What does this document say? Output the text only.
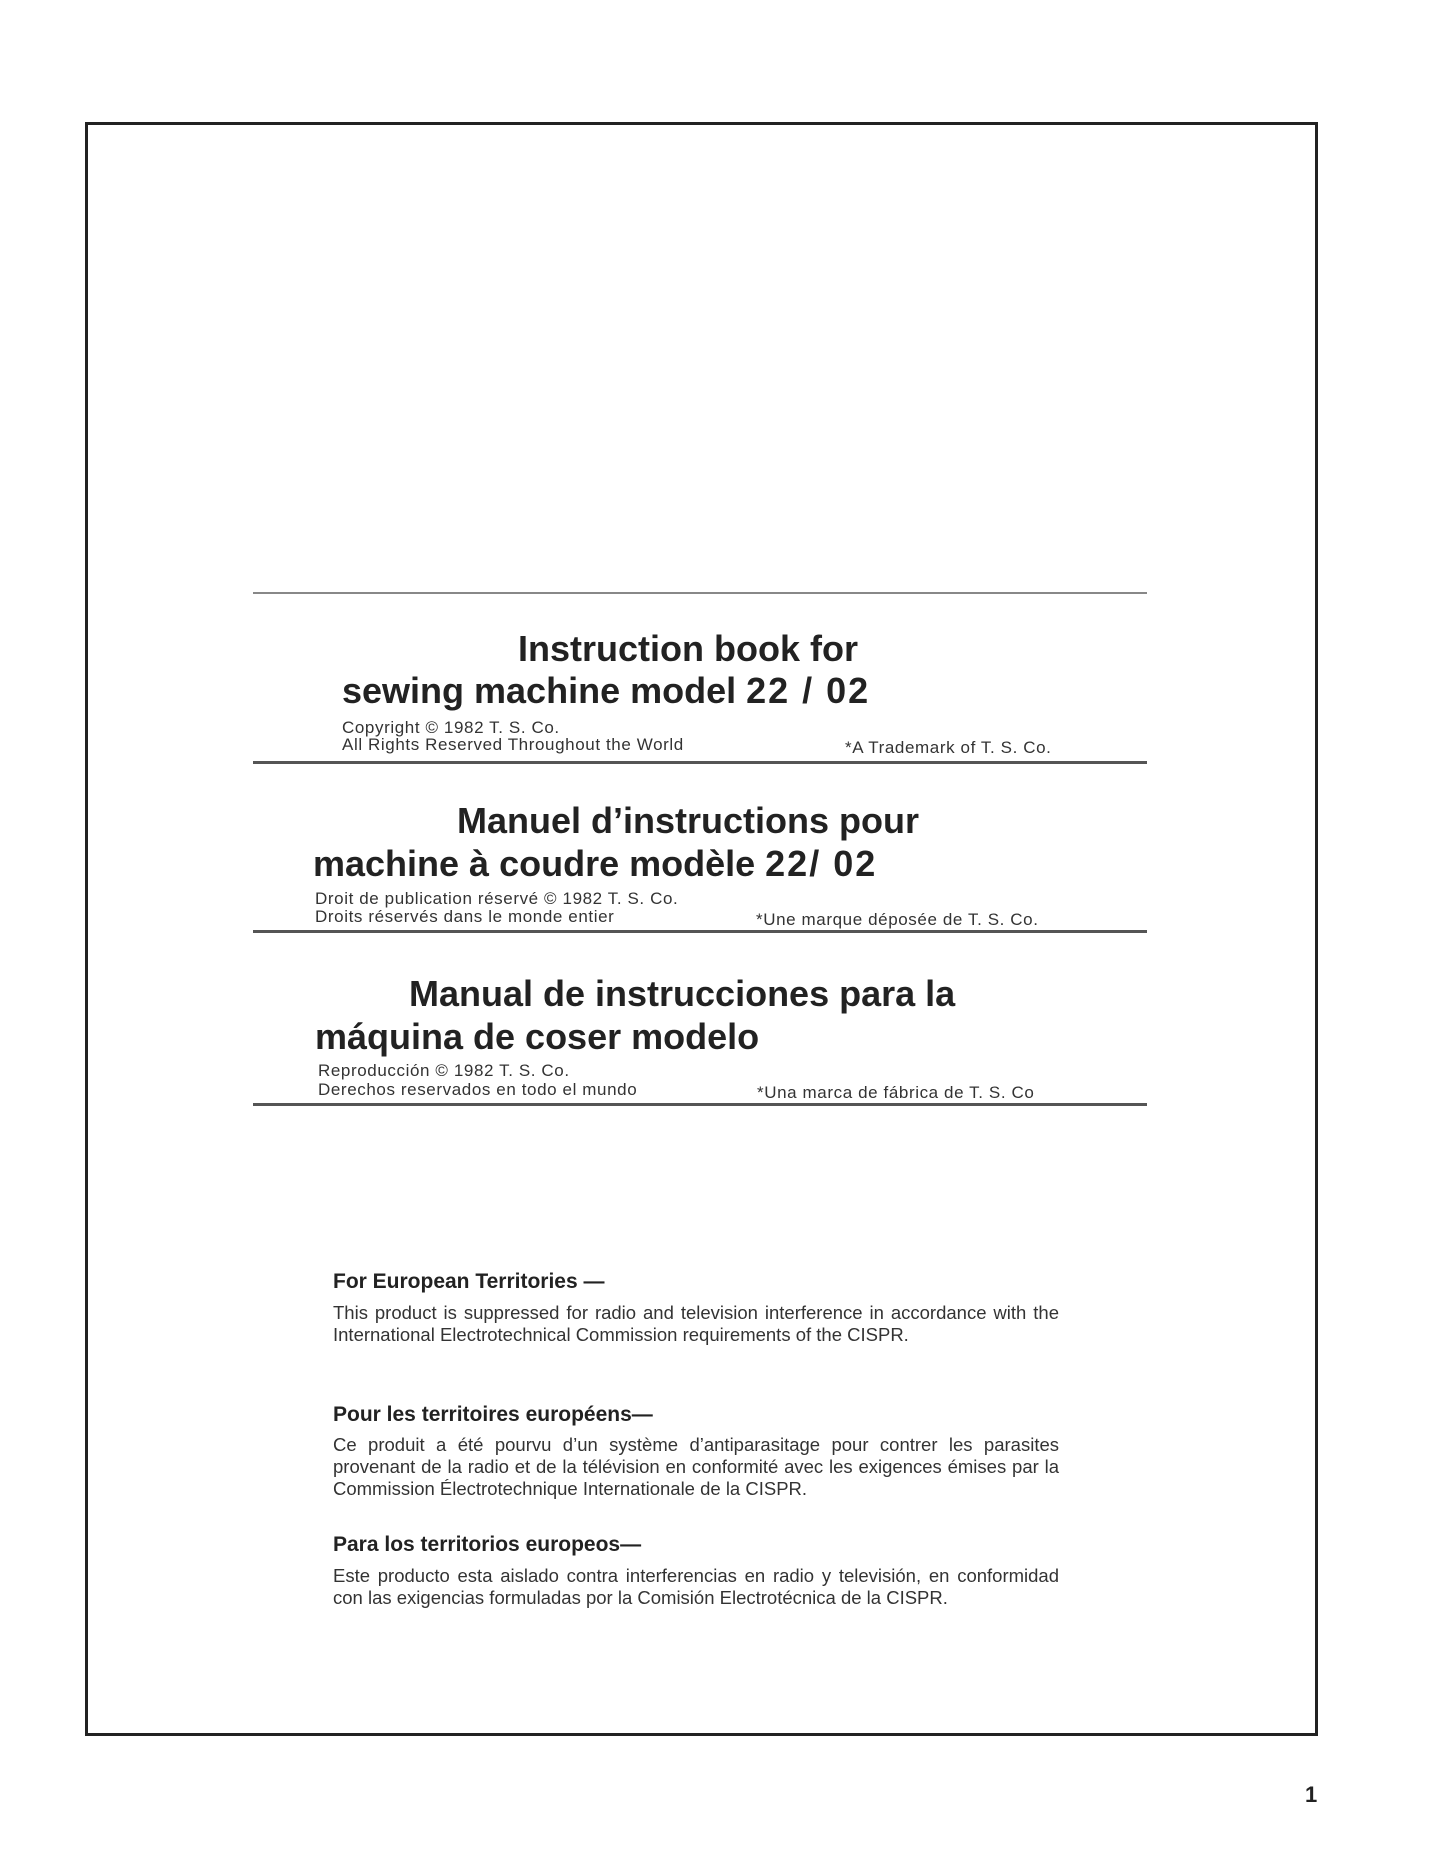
Instruction book for
sewing machine model 22 / 02
Copyright © 1982 T. S. Co.
All Rights Reserved Throughout the World	*A Trademark of T. S. Co.
Manuel d’instructions pour
machine à coudre modèle 22/ 02
Droit de publication réservé © 1982 T. S. Co.
Droits réservés dans le monde entier	*Une marque déposée de T. S. Co.
Manual de instrucciones para la
máquina de coser modelo
Reproducción © 1982 T. S. Co.
Derechos reservados en todo el mundo	*Una marca de fábrica de T. S. Co
For European Territories —
This product is suppressed for radio and television interference in accordance with the International Electrotechnical Commission requirements of the CISPR.
Pour les territoires européens—
Ce produit a été pourvu d’un système d’antiparasitage pour contrer les parasites provenant de la radio et de la télévision en conformité avec les exigences émises par la Commission Électrotechnique Internationale de la CISPR.
Para los territorios europeos—
Este producto esta aislado contra interferencias en radio y televisión, en conformidad con las exigencias formuladas por la Comisión Electrotécnica de la CISPR.
1
